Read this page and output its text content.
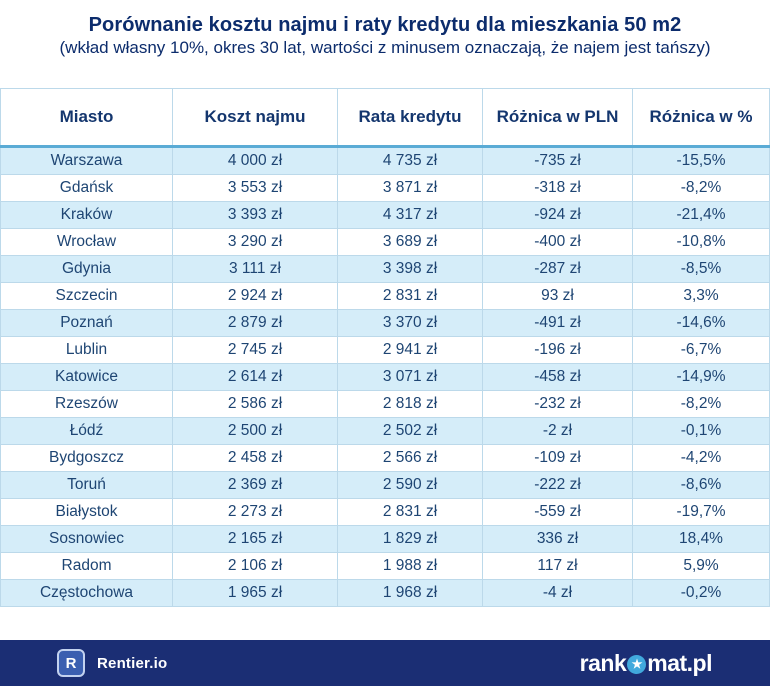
Porównanie kosztu najmu i raty kredytu dla mieszkania 50 m2
(wkład własny 10%, okres 30 lat, wartości z minusem oznaczają, że najem jest tańszy)
Miasto	Koszt najmu	Rata kredytu	Różnica w PLN	Różnica w %
Warszawa	4 000 zł	4 735 zł	-735 zł	-15,5%
Gdańsk	3 553 zł	3 871 zł	-318 zł	-8,2%
Kraków	3 393 zł	4 317 zł	-924 zł	-21,4%
Wrocław	3 290 zł	3 689 zł	-400 zł	-10,8%
Gdynia	3 111 zł	3 398 zł	-287 zł	-8,5%
Szczecin	2 924 zł	2 831 zł	93 zł	3,3%
Poznań	2 879 zł	3 370 zł	-491 zł	-14,6%
Lublin	2 745 zł	2 941 zł	-196 zł	-6,7%
Katowice	2 614 zł	3 071 zł	-458 zł	-14,9%
Rzeszów	2 586 zł	2 818 zł	-232 zł	-8,2%
Łódź	2 500 zł	2 502 zł	-2 zł	-0,1%
Bydgoszcz	2 458 zł	2 566 zł	-109 zł	-4,2%
Toruń	2 369 zł	2 590 zł	-222 zł	-8,6%
Białystok	2 273 zł	2 831 zł	-559 zł	-19,7%
Sosnowiec	2 165 zł	1 829 zł	336 zł	18,4%
Radom	2 106 zł	1 988 zł	117 zł	5,9%
Częstochowa	1 965 zł	1 968 zł	-4 zł	-0,2%
R	Rentier.io	rank ★ mat.pl
